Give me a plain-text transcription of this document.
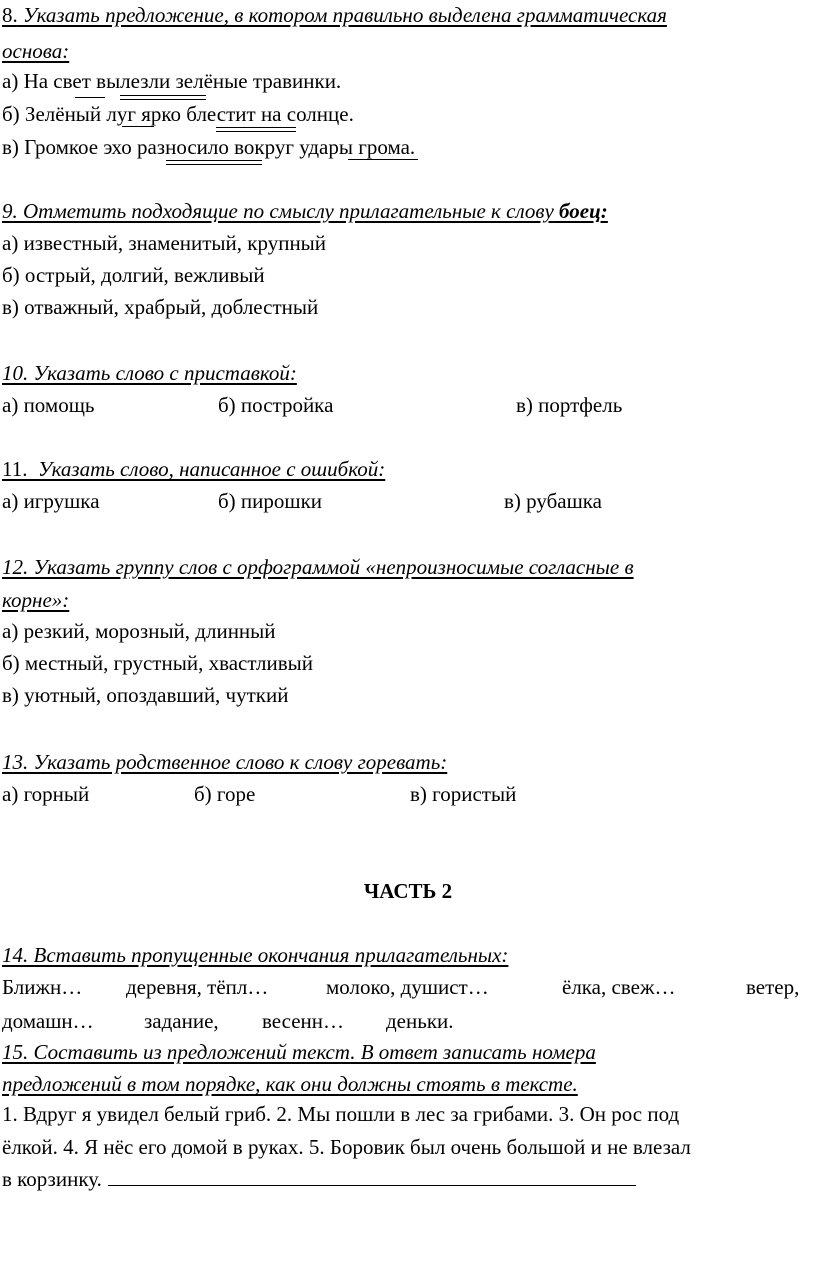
8. Указать предложение, в котором правильно выделена грамматическая
основа:
а) На свет вылезли зелёные травинки.
б) Зелёный луг ярко блестит на солнце.
в) Громкое эхо разносило вокруг удары грома.
9. Отметить подходящие по смыслу прилагательные к слову боец:
а) известный, знаменитый, крупный
б) острый, долгий, вежливый
в) отважный, храбрый, доблестный
10. Указать слово с приставкой:
а) помощь	б) постройка	в) портфель
11. Указать слово, написанное с ошибкой:
а) игрушка	б) пирошки	в) рубашка
12. Указать группу слов с орфограммой «непроизносимые согласные в
корне»:
а) резкий, морозный, длинный
б) местный, грустный, хвастливый
в) уютный, опоздавший, чуткий
13. Указать родственное слово к слову горевать:
а) горный	б) горе	в) гористый
ЧАСТЬ 2
14. Вставить пропущенные окончания прилагательных:
Ближн… деревня, тёпл…	молоко, душист…	ёлка, свеж…	ветер,
домашн… задание, весенн… деньки.
15. Составить из предложений текст. В ответ записать номера
предложений в том порядке, как они должны стоять в тексте.
1. Вдруг я увидел белый гриб. 2. Мы пошли в лес за грибами. 3. Он рос под
ёлкой. 4. Я нёс его домой в руках. 5. Боровик был очень большой и не влезал
в корзинку.
